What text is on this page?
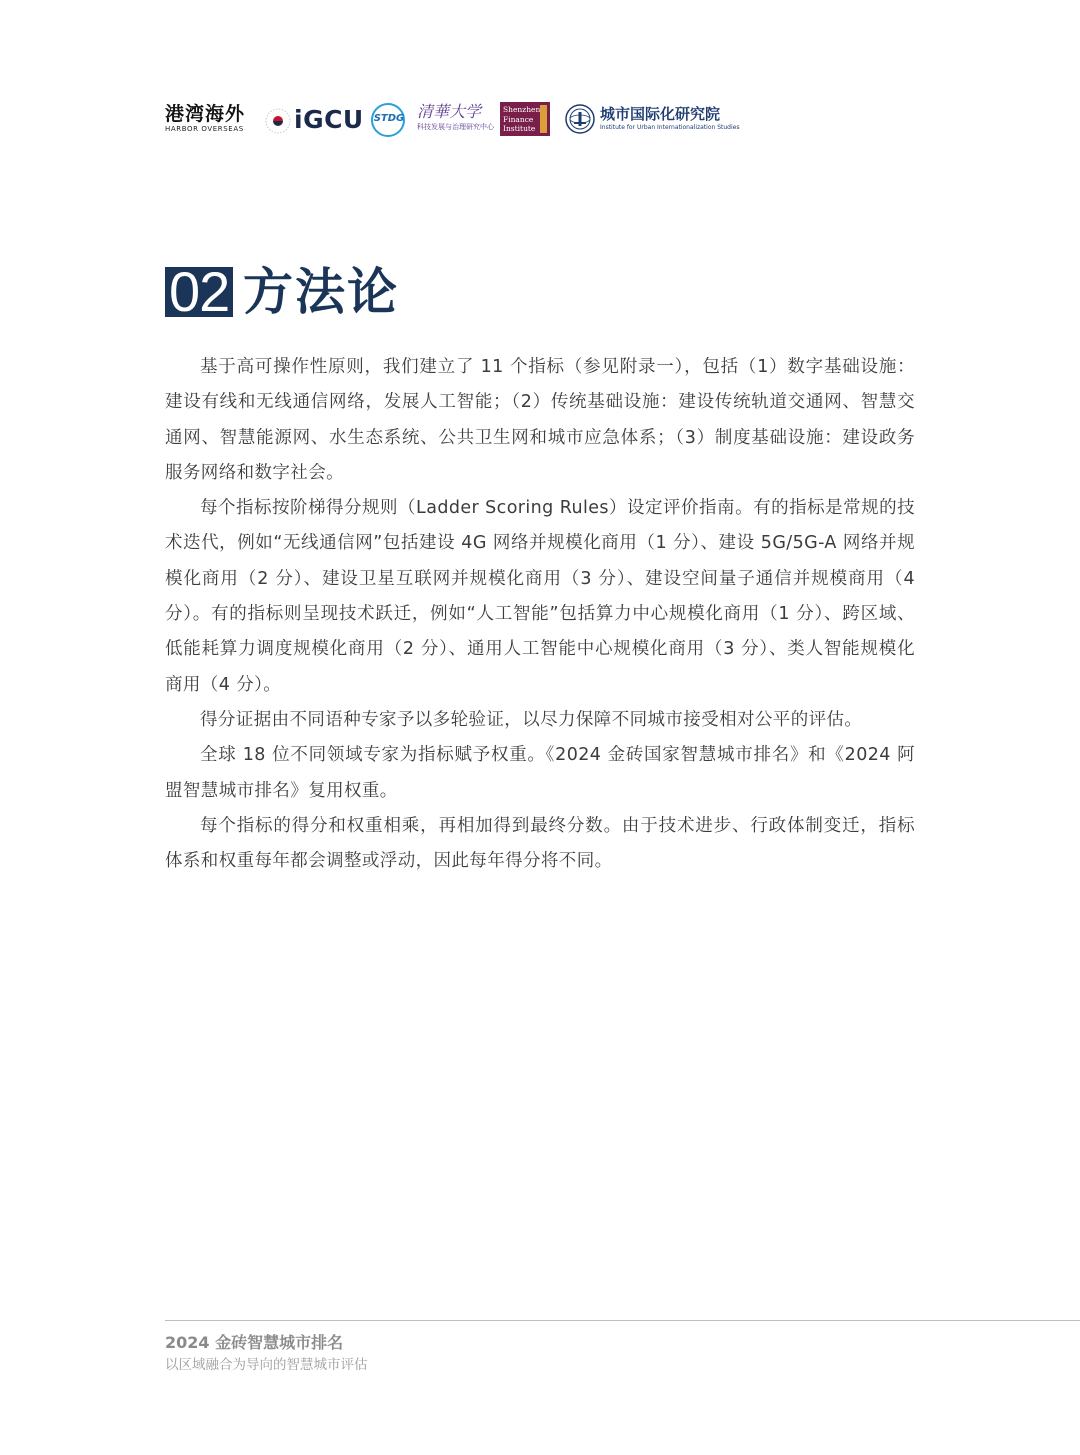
港湾海外
HARBOR OVERSEAS	iGCU STDG 清華大学
科技发展与治理研究中心
Shenzhen
Finance
Institute
城市国际化研究院
Institute for Urban Internationalization Studies
02 方法论

基于高可操作性原则，我们建立了 11 个指标（参见附录一），包括（1）数字基础设施：建设有线和无线通信网络，发展人工智能；（2）传统基础设施：建设传统轨道交通网、智慧交通网、智慧能源网、水生态系统、公共卫生网和城市应急体系；（3）制度基础设施：建设政务服务网络和数字社会。

每个指标按阶梯得分规则（Ladder Scoring Rules）设定评价指南。有的指标是常规的技术迭代，例如“无线通信网”包括建设 4G 网络并规模化商用（1 分）、建设 5G/5G-A 网络并规模化商用（2 分）、建设卫星互联网并规模化商用（3 分）、建设空间量子通信并规模商用（4 分）。有的指标则呈现技术跃迁，例如“人工智能”包括算力中心规模化商用（1 分）、跨区域、低能耗算力调度规模化商用（2 分）、通用人工智能中心规模化商用（3 分）、类人智能规模化商用（4 分）。

得分证据由不同语种专家予以多轮验证，以尽力保障不同城市接受相对公平的评估。

全球 18 位不同领域专家为指标赋予权重。《2024 金砖国家智慧城市排名》和《2024 阿盟智慧城市排名》复用权重。

每个指标的得分和权重相乘，再相加得到最终分数。由于技术进步、行政体制变迁，指标体系和权重每年都会调整或浮动，因此每年得分将不同。

2024 金砖智慧城市排名
以区域融合为导向的智慧城市评估
